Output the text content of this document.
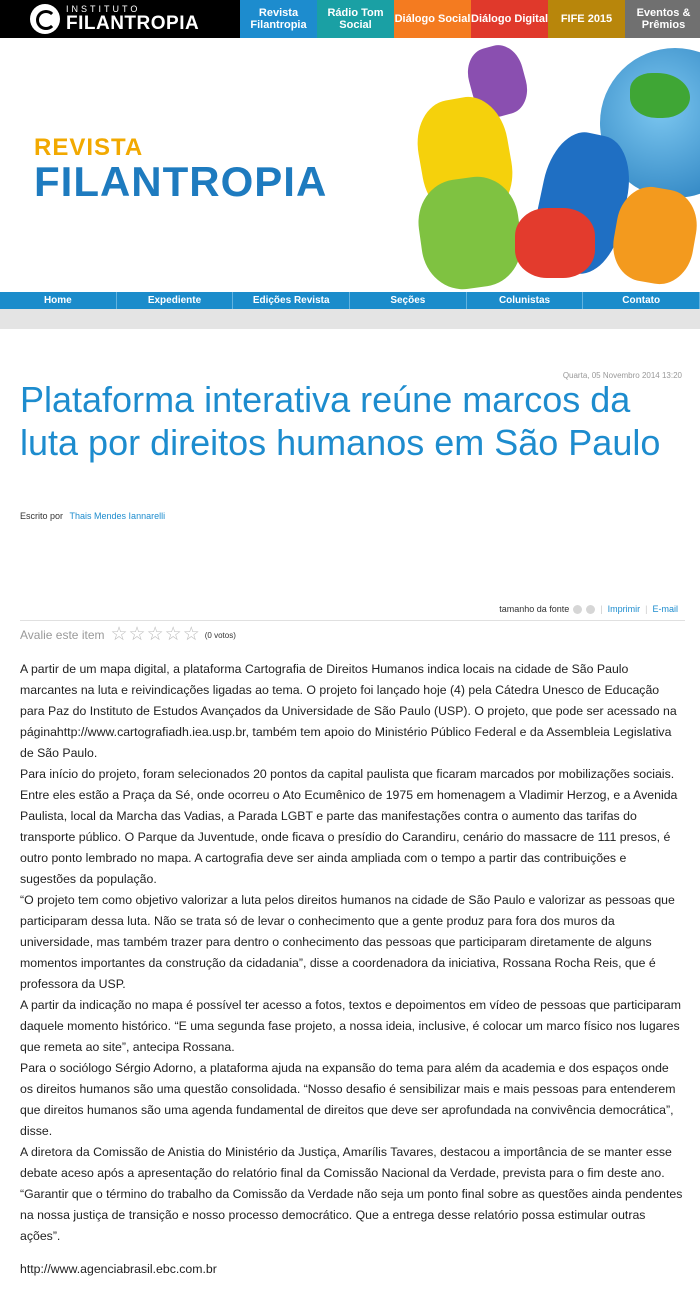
INSTITUTO
FILANTROPIA	Revista Filantropia
Rádio Tom Social	Diálogo Social Diálogo Digital	FIFE 2015	Eventos & Prêmios
REVISTA
FILANTROPIA
Home	Expediente	Edições Revista	Seções	Colunistas	Contato
Quarta, 05 Novembro 2014 13:20
Plataforma interativa reúne marcos da luta por direitos humanos em São Paulo
Escrito por Thais Mendes Iannarelli
tamanho da fonte	| Imprimir | E-mail
Avalie este item ☆ ☆ ☆ ☆ ☆ (0 votos)

A partir de um mapa digital, a plataforma Cartografia de Direitos Humanos indica locais na cidade de São Paulo marcantes na luta e reivindicações ligadas ao tema. O projeto foi lançado hoje (4) pela Cátedra Unesco de Educação para Paz do Instituto de Estudos Avançados da Universidade de São Paulo (USP). O projeto, que pode ser acessado na páginahttp://www.cartografiadh.iea.usp.br, também tem apoio do Ministério Público Federal e da Assembleia Legislativa de São Paulo.

Para início do projeto, foram selecionados 20 pontos da capital paulista que ficaram marcados por mobilizações sociais. Entre eles estão a Praça da Sé, onde ocorreu o Ato Ecumênico de 1975 em homenagem a Vladimir Herzog, e a Avenida Paulista, local da Marcha das Vadias, a Parada LGBT e parte das manifestações contra o aumento das tarifas do transporte público. O Parque da Juventude, onde ficava o presídio do Carandiru, cenário do massacre de 111 presos, é outro ponto lembrado no mapa. A cartografia deve ser ainda ampliada com o tempo a partir das contribuições e sugestões da população.

“O projeto tem como objetivo valorizar a luta pelos direitos humanos na cidade de São Paulo e valorizar as pessoas que participaram dessa luta. Não se trata só de levar o conhecimento que a gente produz para fora dos muros da universidade, mas também trazer para dentro o conhecimento das pessoas que participaram diretamente de alguns momentos importantes da construção da cidadania”, disse a coordenadora da iniciativa, Rossana Rocha Reis, que é professora da USP.

A partir da indicação no mapa é possível ter acesso a fotos, textos e depoimentos em vídeo de pessoas que participaram daquele momento histórico. “E uma segunda fase projeto, a nossa ideia, inclusive, é colocar um marco físico nos lugares que remeta ao site”, antecipa Rossana.

Para o sociólogo Sérgio Adorno, a plataforma ajuda na expansão do tema para além da academia e dos espaços onde os direitos humanos são uma questão consolidada. “Nosso desafio é sensibilizar mais e mais pessoas para entenderem que direitos humanos são uma agenda fundamental de direitos que deve ser aprofundada na convivência democrática”, disse.

A diretora da Comissão de Anistia do Ministério da Justiça, Amarílis Tavares, destacou a importância de se manter esse debate aceso após a apresentação do relatório final da Comissão Nacional da Verdade, prevista para o fim deste ano. “Garantir que o término do trabalho da Comissão da Verdade não seja um ponto final sobre as questões ainda pendentes na nossa justiça de transição e nosso processo democrático. Que a entrega desse relatório possa estimular outras ações”.

http://www.agenciabrasil.ebc.com.br
